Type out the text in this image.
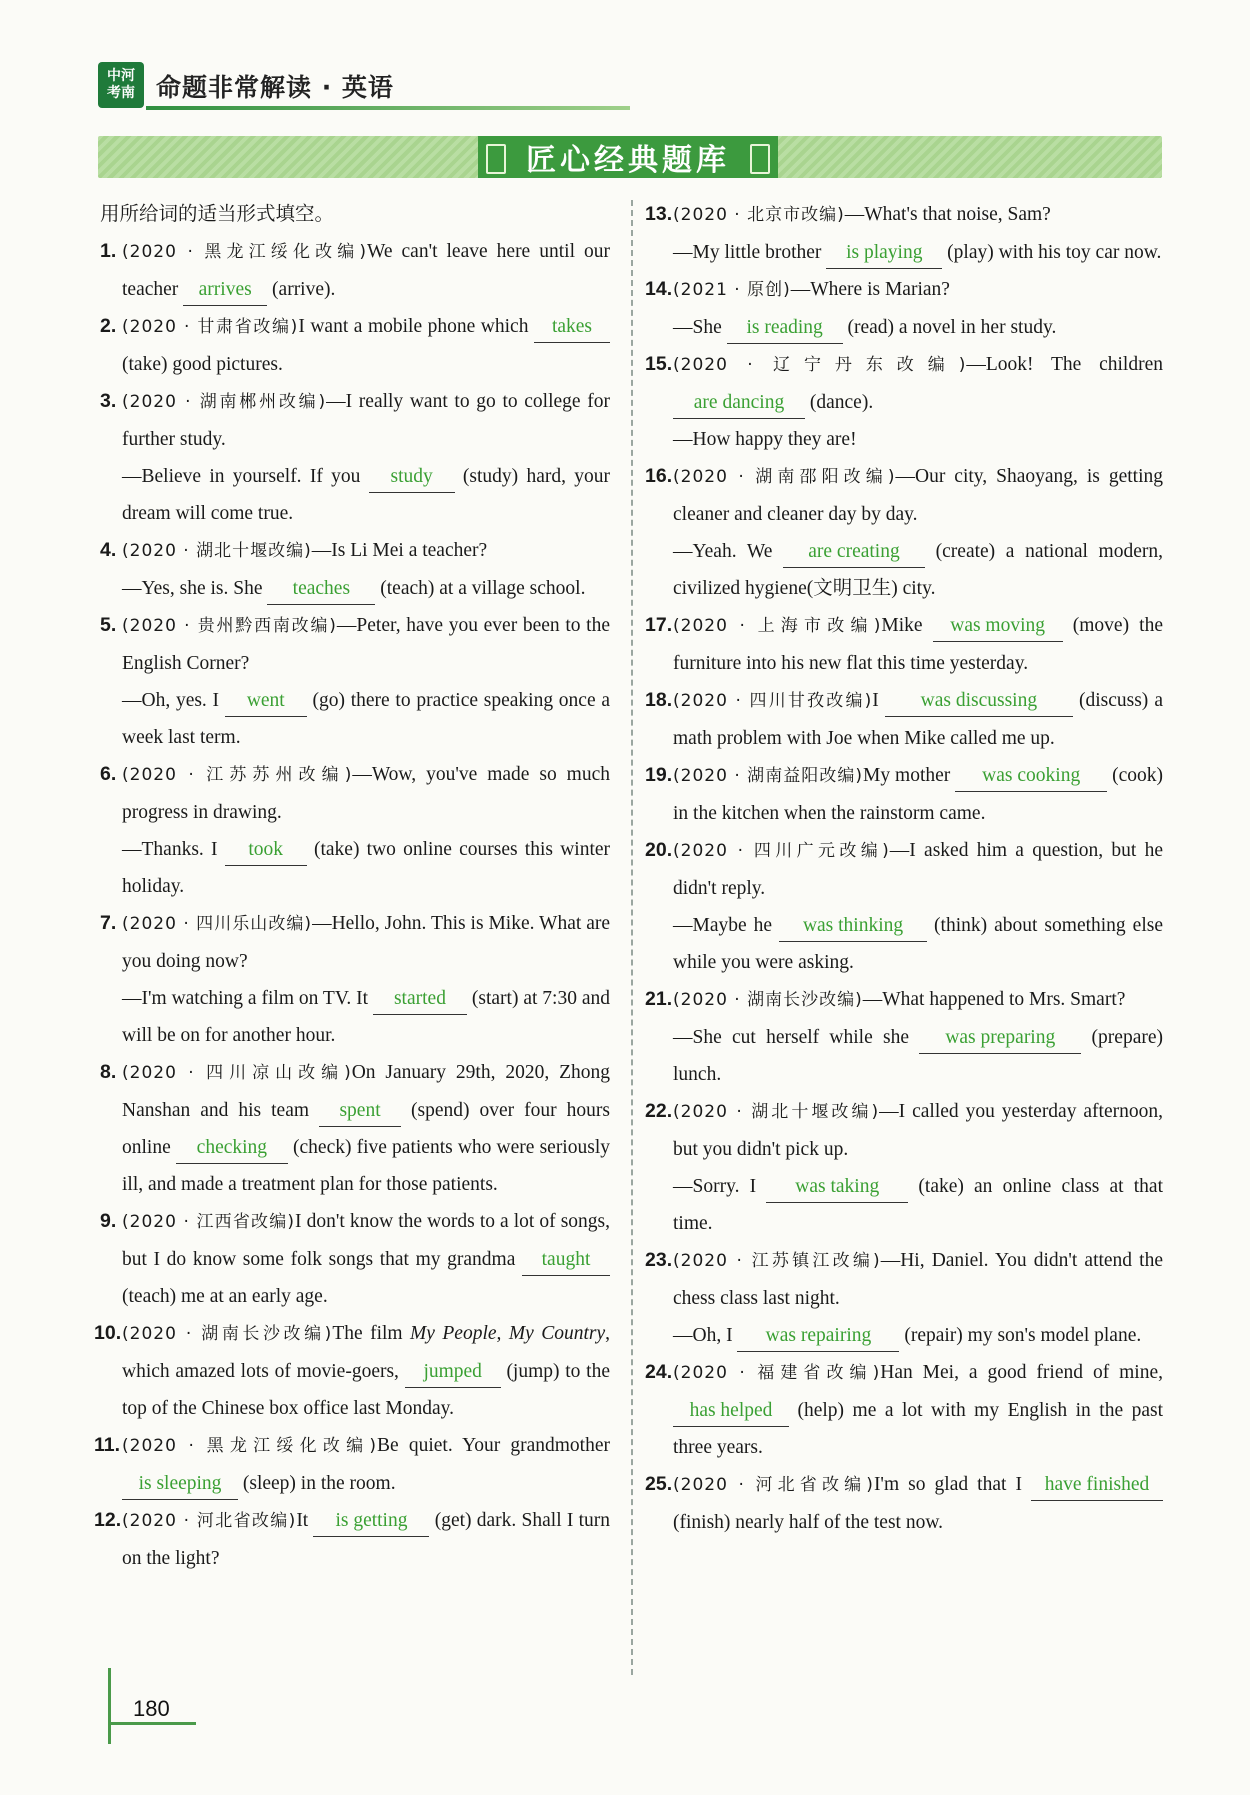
中河
考南 命题非常解读 · 英语
匠心经典题库

用所给词的适当形式填空。

1. (2020 · 黑龙江绥化改编)We can't leave here until our teacher arrives (arrive).
2. (2020 · 甘肃省改编)I want a mobile phone which takes (take) good pictures.
3. (2020 · 湖南郴州改编)—I really want to go to college for further study.
—Believe in yourself. If you study (study) hard, your dream will come true.
4. (2020 · 湖北十堰改编)—Is Li Mei a teacher?
—Yes, she is. She teaches (teach) at a village school.
5. (2020 · 贵州黔西南改编)—Peter, have you ever been to the English Corner?
—Oh, yes. I went (go) there to practice speaking once a week last term.
6. (2020 · 江苏苏州改编)—Wow, you've made so much progress in drawing.
—Thanks. I took (take) two online courses this winter holiday.
7. (2020 · 四川乐山改编)—Hello, John. This is Mike. What are you doing now?
—I'm watching a film on TV. It started (start) at 7:30 and will be on for another hour.
8. (2020 · 四川凉山改编)On January 29th, 2020, Zhong Nanshan and his team spent (spend) over four hours online checking (check) five patients who were seriously ill, and made a treatment plan for those patients.
9. (2020 · 江西省改编)I don't know the words to a lot of songs, but I do know some folk songs that my grandma taught (teach) me at an early age.
10. (2020 · 湖南长沙改编)The film My People, My Country, which amazed lots of movie-goers, jumped (jump) to the top of the Chinese box office last Monday.
11. (2020 · 黑龙江绥化改编)Be quiet. Your grandmother is sleeping (sleep) in the room.
12. (2020 · 河北省改编)It is getting (get) dark. Shall I turn on the light?
13. (2020 · 北京市改编)—What's that noise, Sam?
—My little brother is playing (play) with his toy car now.
14. (2021 · 原创)—Where is Marian?
—She is reading (read) a novel in her study.
15. (2020 · 辽宁丹东改编)—Look! The children are dancing (dance).
—How happy they are!
16. (2020 · 湖南邵阳改编)—Our city, Shaoyang, is getting cleaner and cleaner day by day.
—Yeah. We are creating (create) a national modern, civilized hygiene(文明卫生) city.
17. (2020 · 上海市改编)Mike was moving (move) the furniture into his new flat this time yesterday.
18. (2020 · 四川甘孜改编)I was discussing (discuss) a math problem with Joe when Mike called me up.
19. (2020 · 湖南益阳改编)My mother was cooking (cook) in the kitchen when the rainstorm came.
20. (2020 · 四川广元改编)—I asked him a question, but he didn't reply.
—Maybe he was thinking (think) about something else while you were asking.
21. (2020 · 湖南长沙改编)—What happened to Mrs. Smart?
—She cut herself while she was preparing (prepare) lunch.
22. (2020 · 湖北十堰改编)—I called you yesterday afternoon, but you didn't pick up.
—Sorry. I was taking (take) an online class at that time.
23. (2020 · 江苏镇江改编)—Hi, Daniel. You didn't attend the chess class last night.
—Oh, I was repairing (repair) my son's model plane.
24. (2020 · 福建省改编)Han Mei, a good friend of mine, has helped (help) me a lot with my English in the past three years.
25. (2020 · 河北省改编)I'm so glad that I have finished (finish) nearly half of the test now.
180
